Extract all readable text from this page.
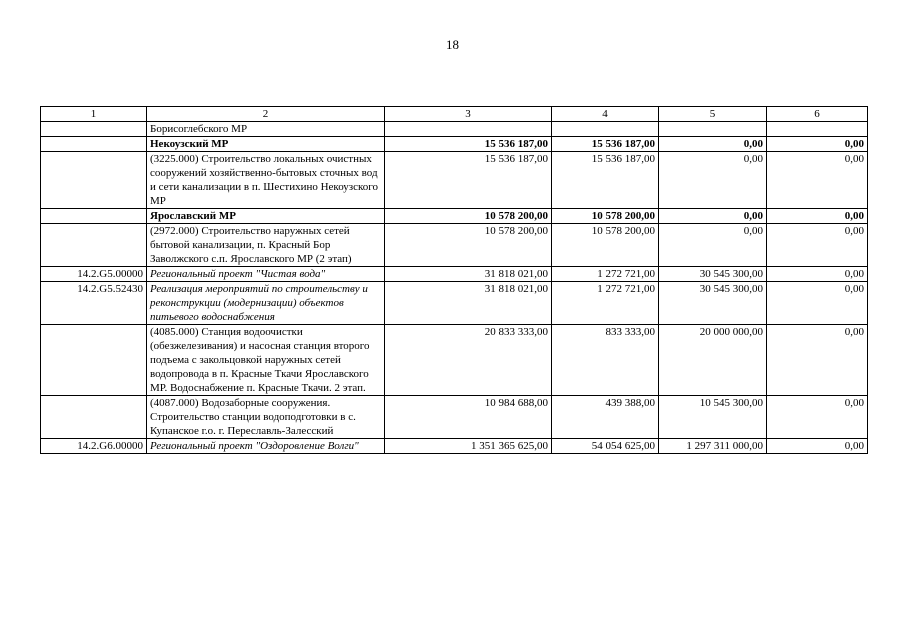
18
1	2	3	4	5	6
	Борисоглебского МР				
	Некоузский МР	15 536 187,00	15 536 187,00	0,00	0,00
	(3225.000) Строительство локальных очистных сооружений хозяйственно-бытовых сточных вод и сети канализации в п. Шестихино Некоузского МР	15 536 187,00	15 536 187,00	0,00	0,00
	Ярославский МР	10 578 200,00	10 578 200,00	0,00	0,00
	(2972.000) Строительство наружных сетей бытовой канализации, п. Красный Бор Заволжского с.п. Ярославского МР (2 этап)	10 578 200,00	10 578 200,00	0,00	0,00
14.2.G5.00000	Региональный проект "Чистая вода"	31 818 021,00	1 272 721,00	30 545 300,00	0,00
14.2.G5.52430	Реализация мероприятий по строительству и реконструкции (модернизации) объектов питьевого водоснабжения	31 818 021,00	1 272 721,00	30 545 300,00	0,00
	(4085.000) Станция водоочистки (обезжелезивания) и насосная станция второго подъема с закольцовкой наружных сетей водопровода в п. Красные Ткачи Ярославского МР. Водоснабжение п. Красные Ткачи. 2 этап.	20 833 333,00	833 333,00	20 000 000,00	0,00
	(4087.000) Водозаборные сооружения. Строительство станции водоподготовки в с. Купанское г.о. г. Переславль-Залесский	10 984 688,00	439 388,00	10 545 300,00	0,00
14.2.G6.00000	Региональный проект "Оздоровление Волги"	1 351 365 625,00	54 054 625,00	1 297 311 000,00	0,00
